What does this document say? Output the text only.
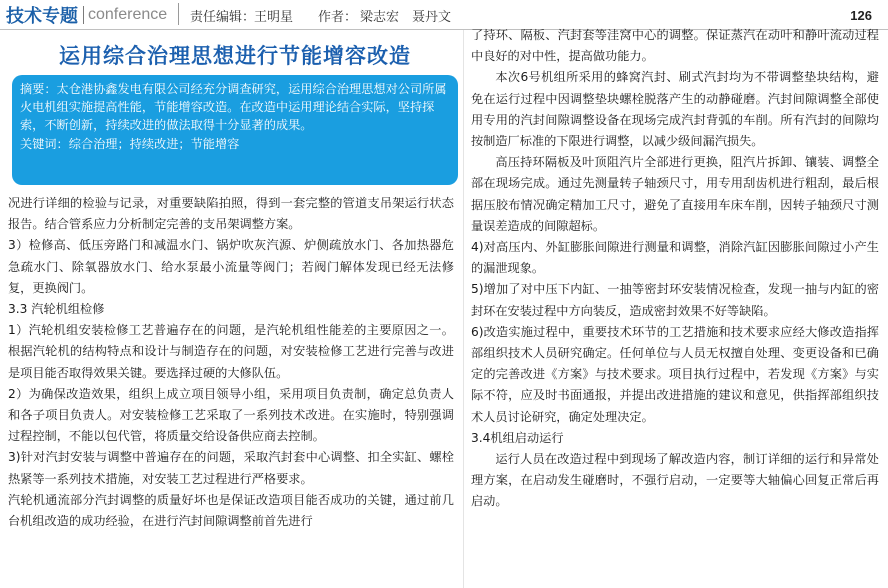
技术专题 conference 责任编辑：
王明星 作者： 梁志宏　聂丹文	126
运用综合治理思想进行节能增容改造
摘要：太仓港协鑫发电有限公司经充分调查研究，运用综合治理思想对公司所属火电机组实施提高性能，节能增容改造。在改造中运用理论结合实际，坚持探索，不断创新，持续改进的做法取得十分显著的成果。
关键词：综合治理；持续改进；节能增容

况进行详细的检验与记录，对重要缺陷拍照，得到一套完整的管道支吊架运行状态报告。结合管系应力分析制定完善的支吊架调整方案。

3）检修高、低压旁路门和减温水门、锅炉吹灰汽源、炉侧疏放水门、各加热器危急疏水门、除氧器放水门、给水泵最小流量等阀门；若阀门解体发现已经无法修复，更换阀门。

3.3 汽轮机组检修

1）汽轮机组安装检修工艺普遍存在的问题，是汽轮机组性能差的主要原因之一。根据汽轮机的结构特点和设计与制造存在的问题，对安装检修工艺进行完善与改进是项目能否取得效果关键。要选择过硬的大修队伍。

2）为确保改造效果，组织上成立项目领导小组，采用项目负责制，确定总负责人和各子项目负责人。对安装检修工艺采取了一系列技术改进。在实施时，特别强调过程控制，不能以包代管，将质量交给设备供应商去控制。

3)针对汽封安装与调整中普遍存在的问题，采取汽封套中心调整、扣全实缸、螺栓热紧等一系列技术措施，对安装工艺过程进行严格要求。

汽轮机通流部分汽封调整的质量好坏也是保证改造项目能否成功的关键，通过前几台机组改造的成功经验，在进行汽封间隙调整前首先进行

了持环、隔板、汽封套等洼窝中心的调整。保证蒸汽在动叶和静叶流动过程中良好的对中性，提高做功能力。

本次6号机组所采用的蜂窝汽封、刷式汽封均为不带调整垫块结构，避免在运行过程中因调整垫块螺栓脱落产生的动静碰磨。汽封间隙调整全部使用专用的汽封间隙调整设备在现场完成汽封背弧的车削。所有汽封的间隙均按制造厂标准的下限进行调整，以减少级间漏汽损失。

高压持环隔板及叶顶阻汽片全部进行更换，阻汽片拆卸、镶装、调整全部在现场完成。通过先测量转子轴颈尺寸，用专用刮齿机进行粗刮，最后根据压胶布情况确定精加工尺寸，避免了直接用车床车削，因转子轴颈尺寸测量误差造成的间隙超标。

4)对高压内、外缸膨胀间隙进行测量和调整，消除汽缸因膨胀间隙过小产生的漏泄现象。

5)增加了对中压下内缸、一抽等密封环安装情况检查，发现一抽与内缸的密封环在安装过程中方向装反，造成密封效果不好等缺陷。

6)改造实施过程中，重要技术环节的工艺措施和技术要求应经大修改造指挥部组织技术人员研究确定。任何单位与人员无权擅自处理、变更设备和已确定的完善改进《方案》与技术要求。项目执行过程中，若发现《方案》与实际不符，应及时书面通报，并提出改进措施的建议和意见，供指挥部组织技术人员讨论研究，确定处理决定。

3.4机组启动运行

运行人员在改造过程中到现场了解改造内容，制订详细的运行和异常处理方案，在启动发生碰磨时，不强行启动，一定要等大轴偏心回复正常后再启动。
